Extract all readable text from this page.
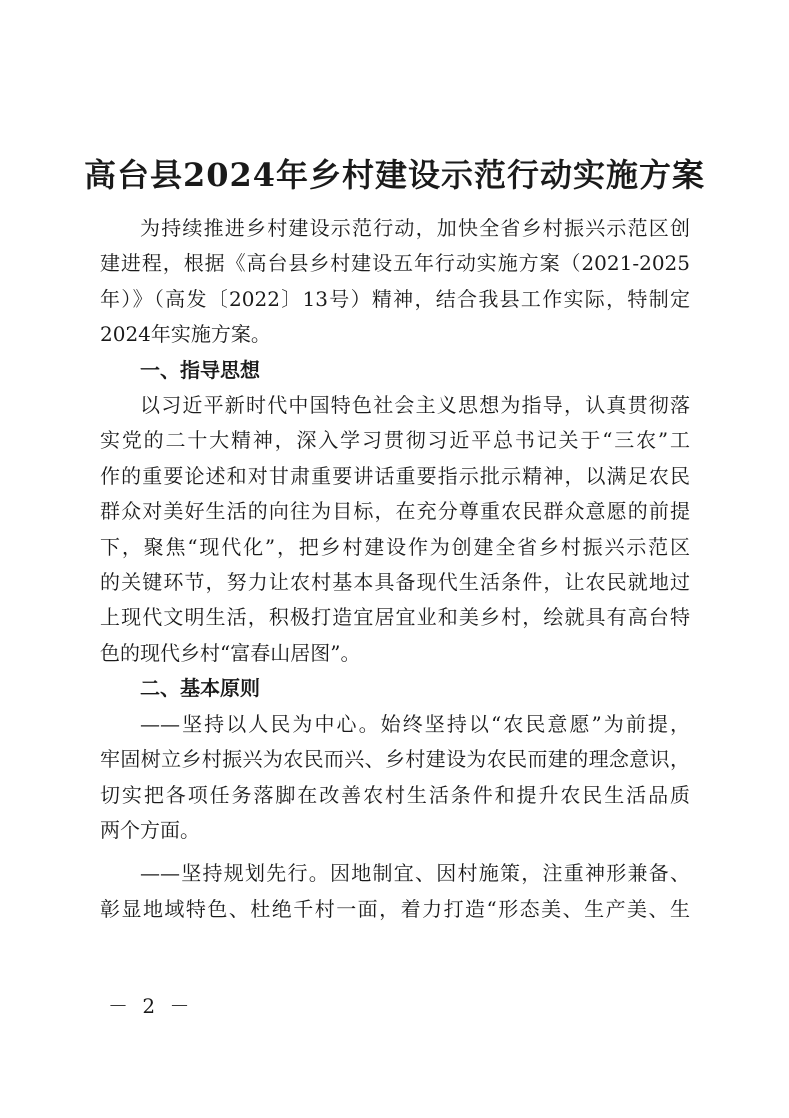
高台县2024年乡村建设示范行动实施方案

为持续推进乡村建设示范行动，加快全省乡村振兴示范区创
建进程，根据《高台县乡村建设五年行动实施方案（2021-2025
年）》（高发〔2022〕13号）精神，结合我县工作实际，特制定
2024年实施方案。

一、指导思想

以习近平新时代中国特色社会主义思想为指导，认真贯彻落
实党的二十大精神，深入学习贯彻习近平总书记关于“三农”工
作的重要论述和对甘肃重要讲话重要指示批示精神，以满足农民
群众对美好生活的向往为目标，在充分尊重农民群众意愿的前提
下，聚焦“现代化”，把乡村建设作为创建全省乡村振兴示范区
的关键环节，努力让农村基本具备现代生活条件，让农民就地过
上现代文明生活，积极打造宜居宜业和美乡村，绘就具有高台特
色的现代乡村“富春山居图”。

二、基本原则

——坚持以人民为中心。始终坚持以“农民意愿”为前提，
牢固树立乡村振兴为农民而兴、乡村建设为农民而建的理念意识，
切实把各项任务落脚在改善农村生活条件和提升农民生活品质
两个方面。

——坚持规划先行。因地制宜、因村施策，注重神形兼备、
彰显地域特色、杜绝千村一面，着力打造“形态美、生产美、生

－ 2 －
